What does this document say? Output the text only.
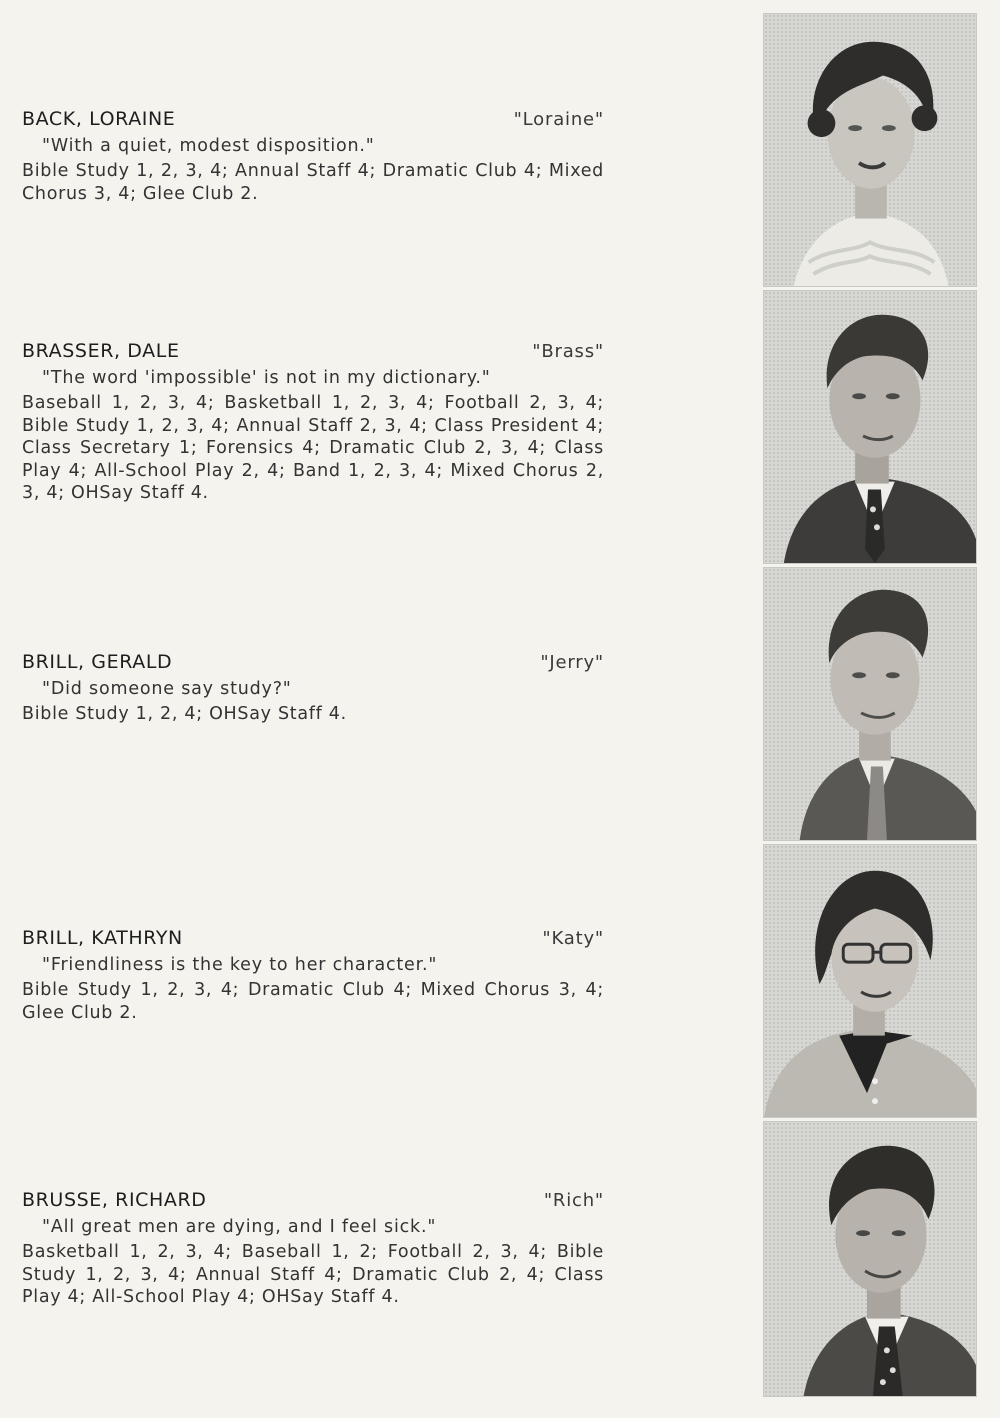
BACK, LORAINE	"Loraine"
"With a quiet, modest disposition."
Bible Study 1, 2, 3, 4; Annual Staff 4; Dramatic Club 4; Mixed Chorus 3, 4; Glee Club 2.
BRASSER, DALE	"Brass"
"The word 'impossible' is not in my dictionary."
Baseball 1, 2, 3, 4; Basketball 1, 2, 3, 4; Football 2, 3, 4; Bible Study 1, 2, 3, 4; Annual Staff 2, 3, 4; Class President 4; Class Secretary 1; Forensics 4; Dramatic Club 2, 3, 4; Class Play 4; All-School Play 2, 4; Band 1, 2, 3, 4; Mixed Chorus 2, 3, 4; OHSay Staff 4.
BRILL, GERALD	"Jerry"
"Did someone say study?"
Bible Study 1, 2, 4; OHSay Staff 4.
BRILL, KATHRYN	"Katy"
"Friendliness is the key to her character."
Bible Study 1, 2, 3, 4; Dramatic Club 4; Mixed Chorus 3, 4; Glee Club 2.
BRUSSE, RICHARD	"Rich"
"All great men are dying, and I feel sick."
Basketball 1, 2, 3, 4; Baseball 1, 2; Football 2, 3, 4; Bible Study 1, 2, 3, 4; Annual Staff 4; Dramatic Club 2, 4; Class Play 4; All-School Play 4; OHSay Staff 4.
